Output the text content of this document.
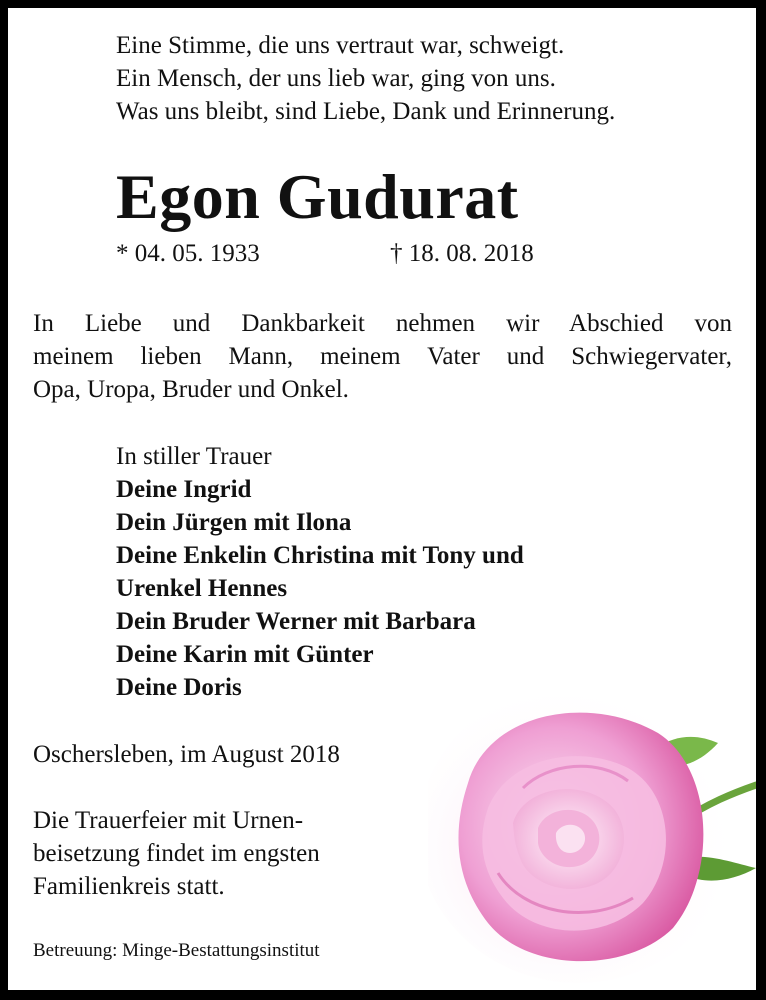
Eine Stimme, die uns vertraut war, schweigt.
Ein Mensch, der uns lieb war, ging von uns.
Was uns bleibt, sind Liebe, Dank und Erinnerung.
Egon Gudurat
* 04. 05. 1933	† 18. 08. 2018
In Liebe und Dankbarkeit nehmen wir Abschied von
meinem lieben Mann, meinem Vater und Schwiegervater,
Opa, Uropa, Bruder und Onkel.
In stiller Trauer
Deine Ingrid
Dein Jürgen mit Ilona
Deine Enkelin Christina mit Tony und
Urenkel Hennes
Dein Bruder Werner mit Barbara
Deine Karin mit Günter
Deine Doris
Oschersleben, im August 2018
Die Trauerfeier mit Urnen-
beisetzung findet im engsten
Familienkreis statt.
Betreuung: Minge-Bestattungsinstitut
